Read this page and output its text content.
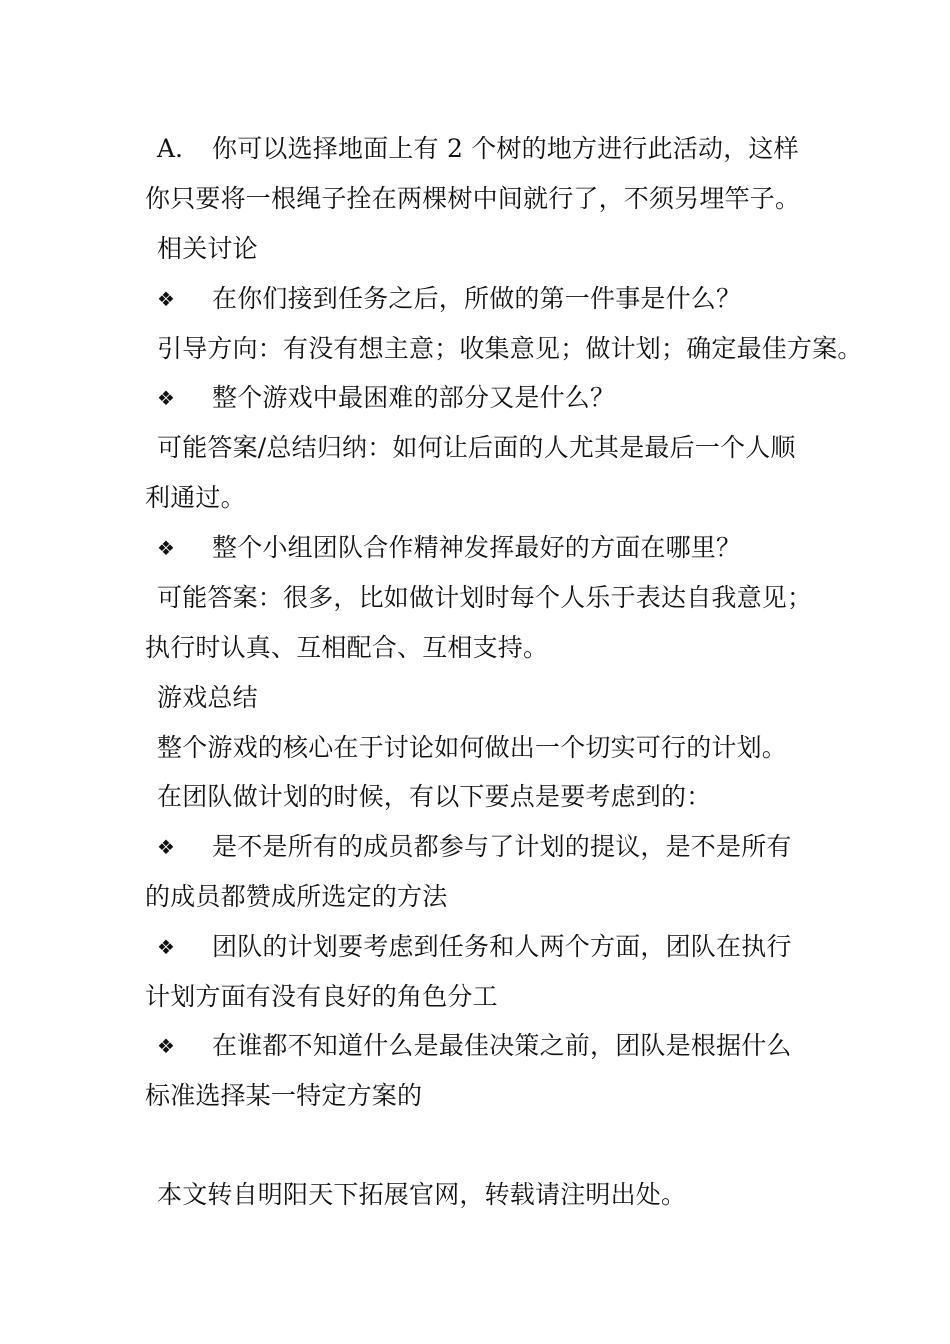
A.	你可以选择地面上有 2 个树的地方进行此活动，这样
你只要将一根绳子拴在两棵树中间就行了，不须另埋竿子。
相关讨论
❖	在你们接到任务之后，所做的第一件事是什么？
引导方向：有没有想主意；收集意见；做计划；确定最佳方案。
❖	整个游戏中最困难的部分又是什么？
可能答案/总结归纳：如何让后面的人尤其是最后一个人顺
利通过。
❖	整个小组团队合作精神发挥最好的方面在哪里？
可能答案：很多，比如做计划时每个人乐于表达自我意见；
执行时认真、互相配合、互相支持。
游戏总结
整个游戏的核心在于讨论如何做出一个切实可行的计划。
在团队做计划的时候，有以下要点是要考虑到的：
❖	是不是所有的成员都参与了计划的提议，是不是所有
的成员都赞成所选定的方法
❖	团队的计划要考虑到任务和人两个方面，团队在执行
计划方面有没有良好的角色分工
❖	在谁都不知道什么是最佳决策之前，团队是根据什么
标准选择某一特定方案的
本文转自明阳天下拓展官网，转载请注明出处。
